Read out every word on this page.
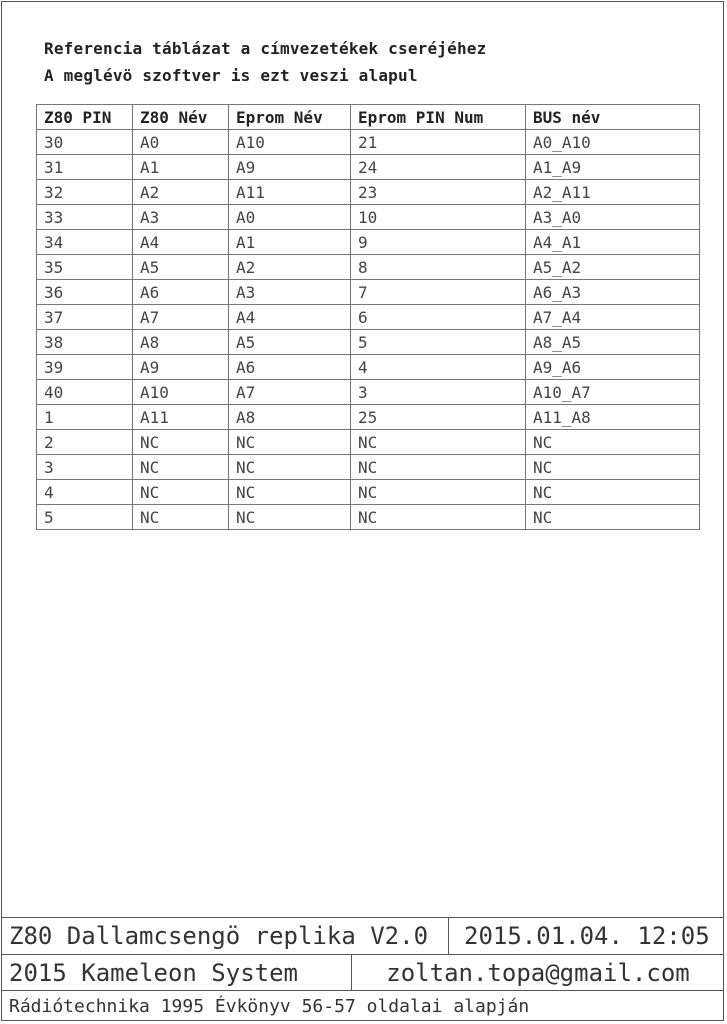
Referencia táblázat a címvezetékek cseréjéhez
A meglévö szoftver is ezt veszi alapul
Z80 PIN	Z80 Név	Eprom Név	Eprom PIN Num	BUS név
30	A0	A10	21	A0_A10
31	A1	A9	24	A1_A9
32	A2	A11	23	A2_A11
33	A3	A0	10	A3_A0
34	A4	A1	9	A4_A1
35	A5	A2	8	A5_A2
36	A6	A3	7	A6_A3
37	A7	A4	6	A7_A4
38	A8	A5	5	A8_A5
39	A9	A6	4	A9_A6
40	A10	A7	3	A10_A7
1	A11	A8	25	A11_A8
2	NC	NC	NC	NC
3	NC	NC	NC	NC
4	NC	NC	NC	NC
5	NC	NC	NC	NC
Z80 Dallamcsengö replika V2.0	2015.01.04. 12:05
2015 Kameleon System	zoltan.topa@gmail.com
Rádiótechnika 1995 Évkönyv 56-57 oldalai alapján
